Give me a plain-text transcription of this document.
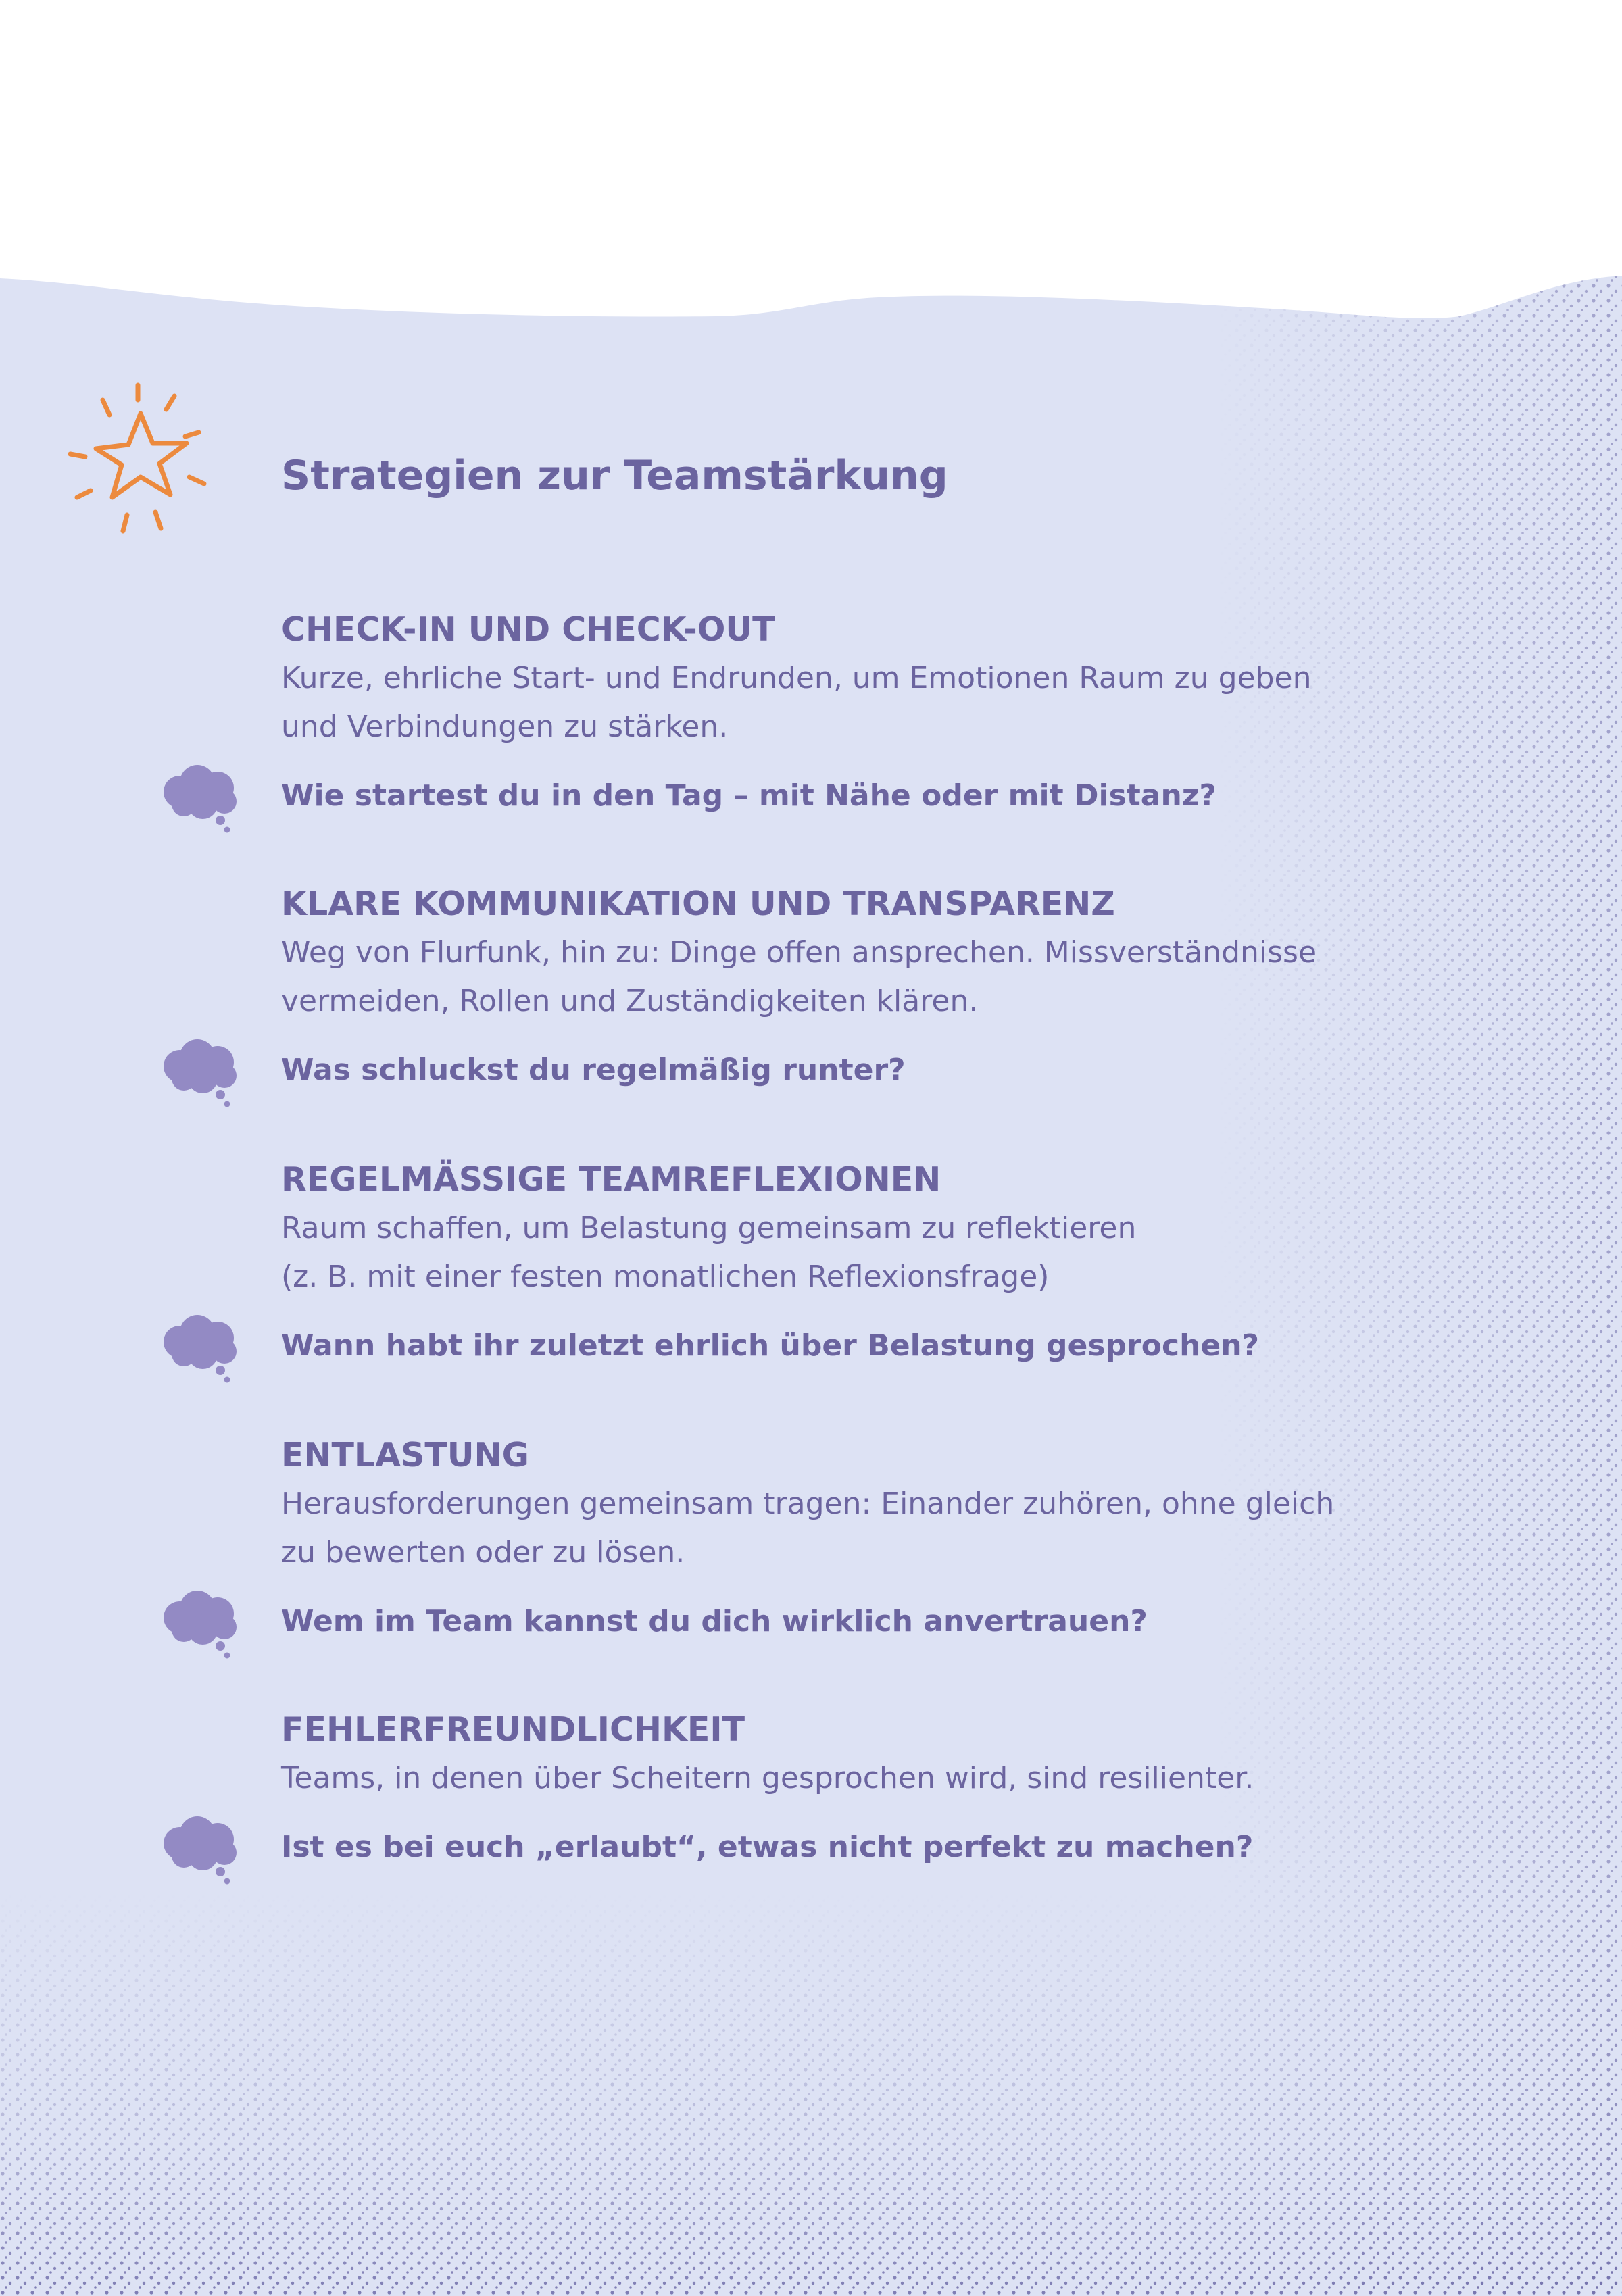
Strategien zur Teamstärkung
CHECK-IN UND CHECK-OUT

Kurze, ehrliche Start- und Endrunden, um Emotionen Raum zu geben
und Verbindungen zu stärken.

Wie startest du in den Tag – mit Nähe oder mit Distanz?
KLARE KOMMUNIKATION UND TRANSPARENZ

Weg von Flurfunk, hin zu: Dinge offen ansprechen. Missverständnisse
vermeiden, Rollen und Zuständigkeiten klären.

Was schluckst du regelmäßig runter?
REGELMÄSSIGE TEAMREFLEXIONEN

Raum schaffen, um Belastung gemeinsam zu reflektieren
(z. B. mit einer festen monatlichen Reflexionsfrage)

Wann habt ihr zuletzt ehrlich über Belastung gesprochen?
ENTLASTUNG

Herausforderungen gemeinsam tragen: Einander zuhören, ohne gleich
zu bewerten oder zu lösen.

Wem im Team kannst du dich wirklich anvertrauen?
FEHLERFREUNDLICHKEIT

Teams, in denen über Scheitern gesprochen wird, sind resilienter.

Ist es bei euch „erlaubt“, etwas nicht perfekt zu machen?
